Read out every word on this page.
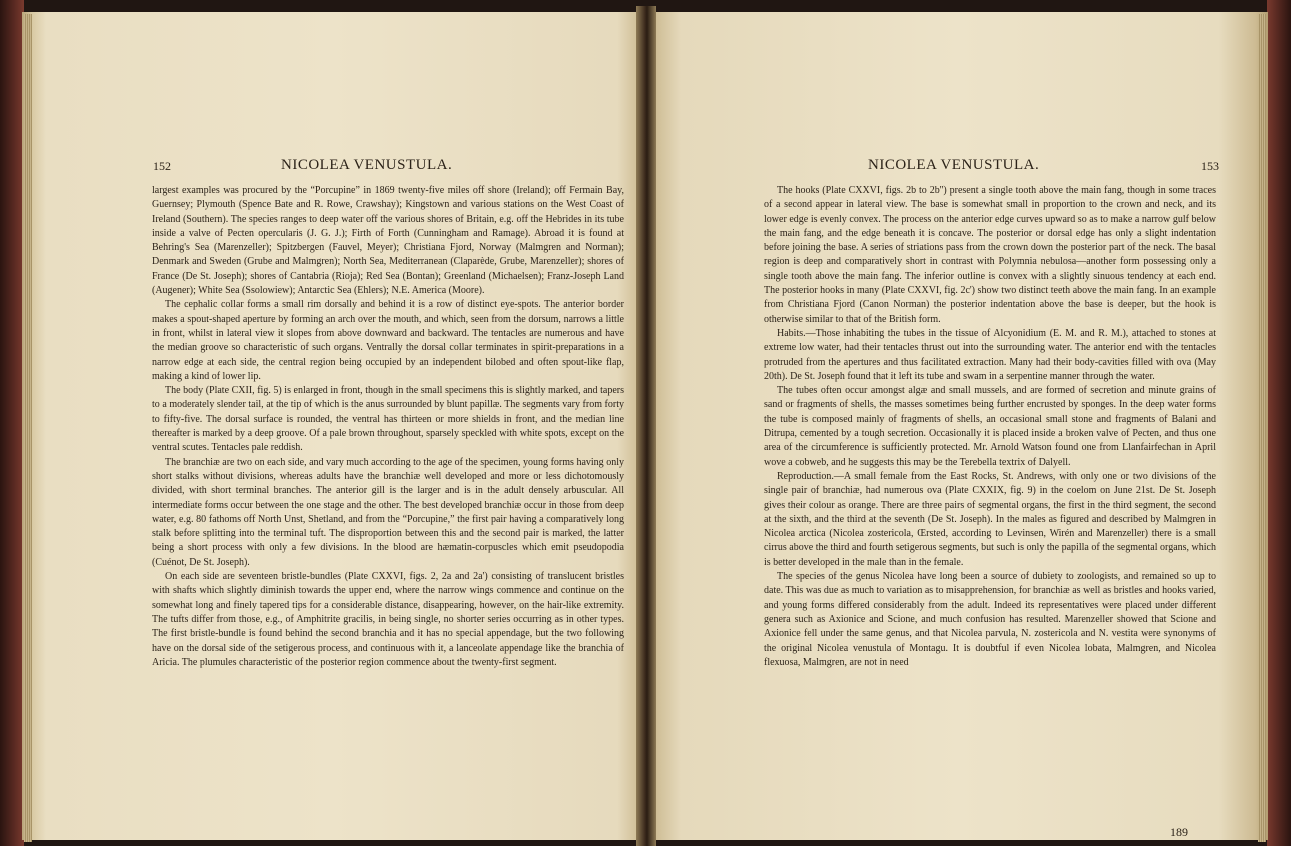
152	NICOLEA VENUSTULA.

largest examples was procured by the “Porcupine” in 1869 twenty-five miles off shore (Ireland); off Fermain Bay, Guernsey; Plymouth (Spence Bate and R. Rowe, Crawshay); Kingstown and various stations on the West Coast of Ireland (Southern). The species ranges to deep water off the various shores of Britain, e.g. off the Hebrides in its tube inside a valve of Pecten opercularis (J. G. J.); Firth of Forth (Cunningham and Ramage). Abroad it is found at Behring's Sea (Marenzeller); Spitzbergen (Fauvel, Meyer); Christiana Fjord, Norway (Malmgren and Norman); Denmark and Sweden (Grube and Malmgren); North Sea, Mediterranean (Claparède, Grube, Marenzeller); shores of France (De St. Joseph); shores of Cantabria (Rioja); Red Sea (Bontan); Greenland (Michaelsen); Franz-Joseph Land (Augener); White Sea (Ssolowiew); Antarctic Sea (Ehlers); N.E. America (Moore).

The cephalic collar forms a small rim dorsally and behind it is a row of distinct eye-spots. The anterior border makes a spout-shaped aperture by forming an arch over the mouth, and which, seen from the dorsum, narrows a little in front, whilst in lateral view it slopes from above downward and backward. The tentacles are numerous and have the median groove so characteristic of such organs. Ventrally the dorsal collar terminates in spirit-preparations in a narrow edge at each side, the central region being occupied by an independent bilobed and often spout-like flap, making a kind of lower lip.

The body (Plate CXII, fig. 5) is enlarged in front, though in the small specimens this is slightly marked, and tapers to a moderately slender tail, at the tip of which is the anus surrounded by blunt papillæ. The segments vary from forty to fifty-five. The dorsal surface is rounded, the ventral has thirteen or more shields in front, and the median line thereafter is marked by a deep groove. Of a pale brown throughout, sparsely speckled with white spots, except on the ventral scutes. Tentacles pale reddish.

The branchiæ are two on each side, and vary much according to the age of the specimen, young forms having only short stalks without divisions, whereas adults have the branchiæ well developed and more or less dichotomously divided, with short terminal branches. The anterior gill is the larger and is in the adult densely arbuscular. All intermediate forms occur between the one stage and the other. The best developed branchiæ occur in those from deep water, e.g. 80 fathoms off North Unst, Shetland, and from the “Porcupine,” the first pair having a comparatively long stalk before splitting into the terminal tuft. The disproportion between this and the second pair is marked, the latter being a short process with only a few divisions. In the blood are hæmatin-corpuscles which emit pseudopodia (Cuénot, De St. Joseph).

On each side are seventeen bristle-bundles (Plate CXXVI, figs. 2, 2a and 2a') consisting of translucent bristles with shafts which slightly diminish towards the upper end, where the narrow wings commence and continue on the somewhat long and finely tapered tips for a considerable distance, disappearing, however, on the hair-like extremity. The tufts differ from those, e.g., of Amphitrite gracilis, in being single, no shorter series occurring as in other types. The first bristle-bundle is found behind the second branchia and it has no special appendage, but the two following have on the dorsal side of the setigerous process, and continuous with it, a lanceolate appendage like the branchia of Aricia. The plumules characteristic of the posterior region commence about the twenty-first segment.

NICOLEA VENUSTULA.	153

The hooks (Plate CXXVI, figs. 2b to 2b'') present a single tooth above the main fang, though in some traces of a second appear in lateral view. The base is somewhat small in proportion to the crown and neck, and its lower edge is evenly convex. The process on the anterior edge curves upward so as to make a narrow gulf below the main fang, and the edge beneath it is concave. The posterior or dorsal edge has only a slight indentation before joining the base. A series of striations pass from the crown down the posterior part of the neck. The basal region is deep and comparatively short in contrast with Polymnia nebulosa—another form possessing only a single tooth above the main fang. The inferior outline is convex with a slightly sinuous tendency at each end. The posterior hooks in many (Plate CXXVI, fig. 2c') show two distinct teeth above the main fang. In an example from Christiana Fjord (Canon Norman) the posterior indentation above the base is deeper, but the hook is otherwise similar to that of the British form.

Habits.—Those inhabiting the tubes in the tissue of Alcyonidium (E. M. and R. M.), attached to stones at extreme low water, had their tentacles thrust out into the surrounding water. The anterior end with the tentacles protruded from the apertures and thus facilitated extraction. Many had their body-cavities filled with ova (May 20th). De St. Joseph found that it left its tube and swam in a serpentine manner through the water.

The tubes often occur amongst algæ and small mussels, and are formed of secretion and minute grains of sand or fragments of shells, the masses sometimes being further encrusted by sponges. In the deep water forms the tube is composed mainly of fragments of shells, an occasional small stone and fragments of Balani and Ditrupa, cemented by a tough secretion. Occasionally it is placed inside a broken valve of Pecten, and thus one area of the circumference is sufficiently protected. Mr. Arnold Watson found one from Llanfairfechan in April wove a cobweb, and he suggests this may be the Terebella textrix of Dalyell.

Reproduction.—A small female from the East Rocks, St. Andrews, with only one or two divisions of the single pair of branchiæ, had numerous ova (Plate CXXIX, fig. 9) in the coelom on June 21st. De St. Joseph gives their colour as orange. There are three pairs of segmental organs, the first in the third segment, the second at the sixth, and the third at the seventh (De St. Joseph). In the males as figured and described by Malmgren in Nicolea arctica (Nicolea zostericola, Œrsted, according to Levinsen, Wirén and Marenzeller) there is a small cirrus above the third and fourth setigerous segments, but such is only the papilla of the segmental organs, which is better developed in the male than in the female.

The species of the genus Nicolea have long been a source of dubiety to zoologists, and remained so up to date. This was due as much to variation as to misapprehension, for branchiæ as well as bristles and hooks varied, and young forms differed considerably from the adult. Indeed its representatives were placed under different genera such as Axionice and Scione, and much confusion has resulted. Marenzeller showed that Scione and Axionice fell under the same genus, and that Nicolea parvula, N. zostericola and N. vestita were synonyms of the original Nicolea venustula of Montagu. It is doubtful if even Nicolea lobata, Malmgren, and Nicolea flexuosa, Malmgren, are not in need

189
